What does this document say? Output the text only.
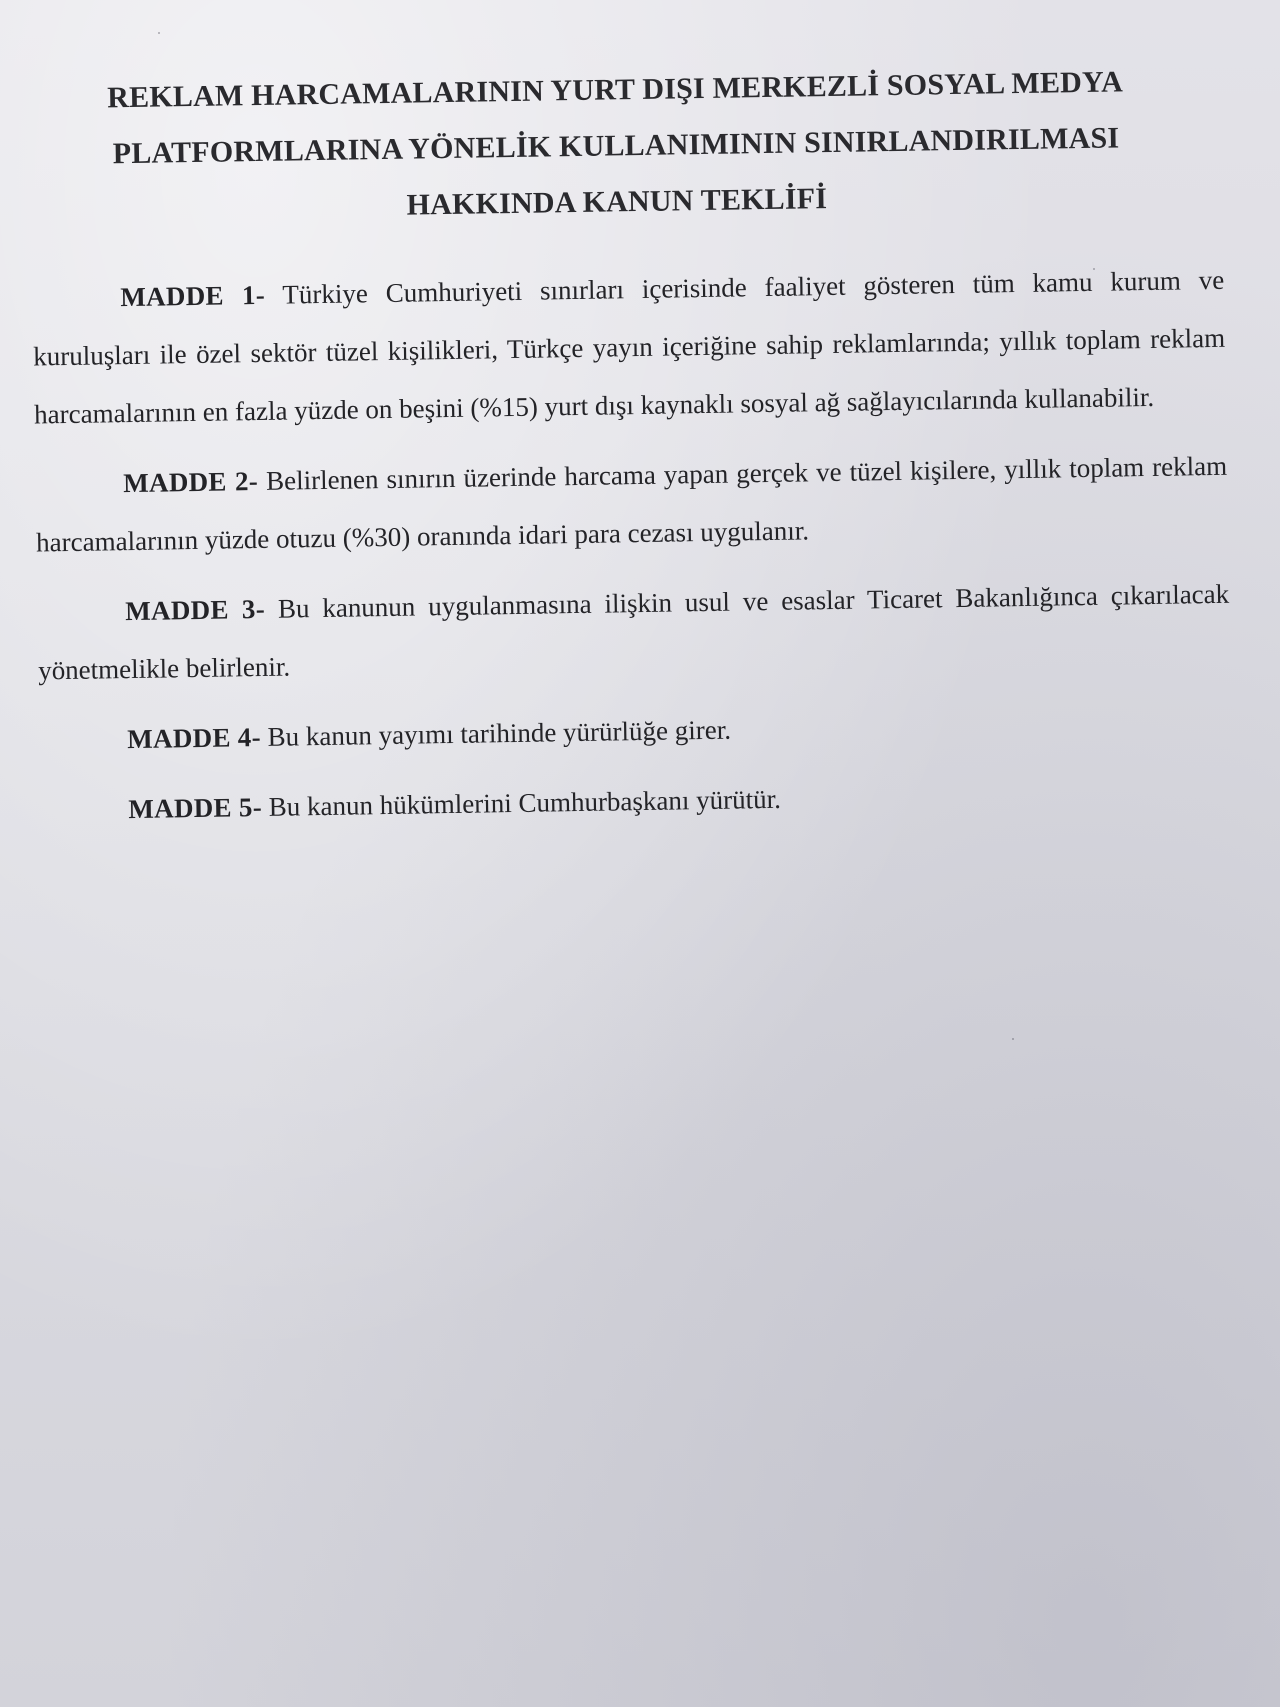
REKLAM HARCAMALARININ YURT DIŞI MERKEZLİ SOSYAL MEDYA
PLATFORMLARINA YÖNELİK KULLANIMININ SINIRLANDIRILMASI
HAKKINDA KANUN TEKLİFİ

MADDE 1- Türkiye Cumhuriyeti sınırları içerisinde faaliyet gösteren tüm kamu kurum ve kuruluşları ile özel sektör tüzel kişilikleri, Türkçe yayın içeriğine sahip reklamlarında; yıllık toplam reklam harcamalarının en fazla yüzde on beşini (%15) yurt dışı kaynaklı sosyal ağ sağlayıcılarında kullanabilir.

MADDE 2- Belirlenen sınırın üzerinde harcama yapan gerçek ve tüzel kişilere, yıllık toplam reklam harcamalarının yüzde otuzu (%30) oranında idari para cezası uygulanır.

MADDE 3- Bu kanunun uygulanmasına ilişkin usul ve esaslar Ticaret Bakanlığınca çıkarılacak yönetmelikle belirlenir.

MADDE 4- Bu kanun yayımı tarihinde yürürlüğe girer.

MADDE 5- Bu kanun hükümlerini Cumhurbaşkanı yürütür.
